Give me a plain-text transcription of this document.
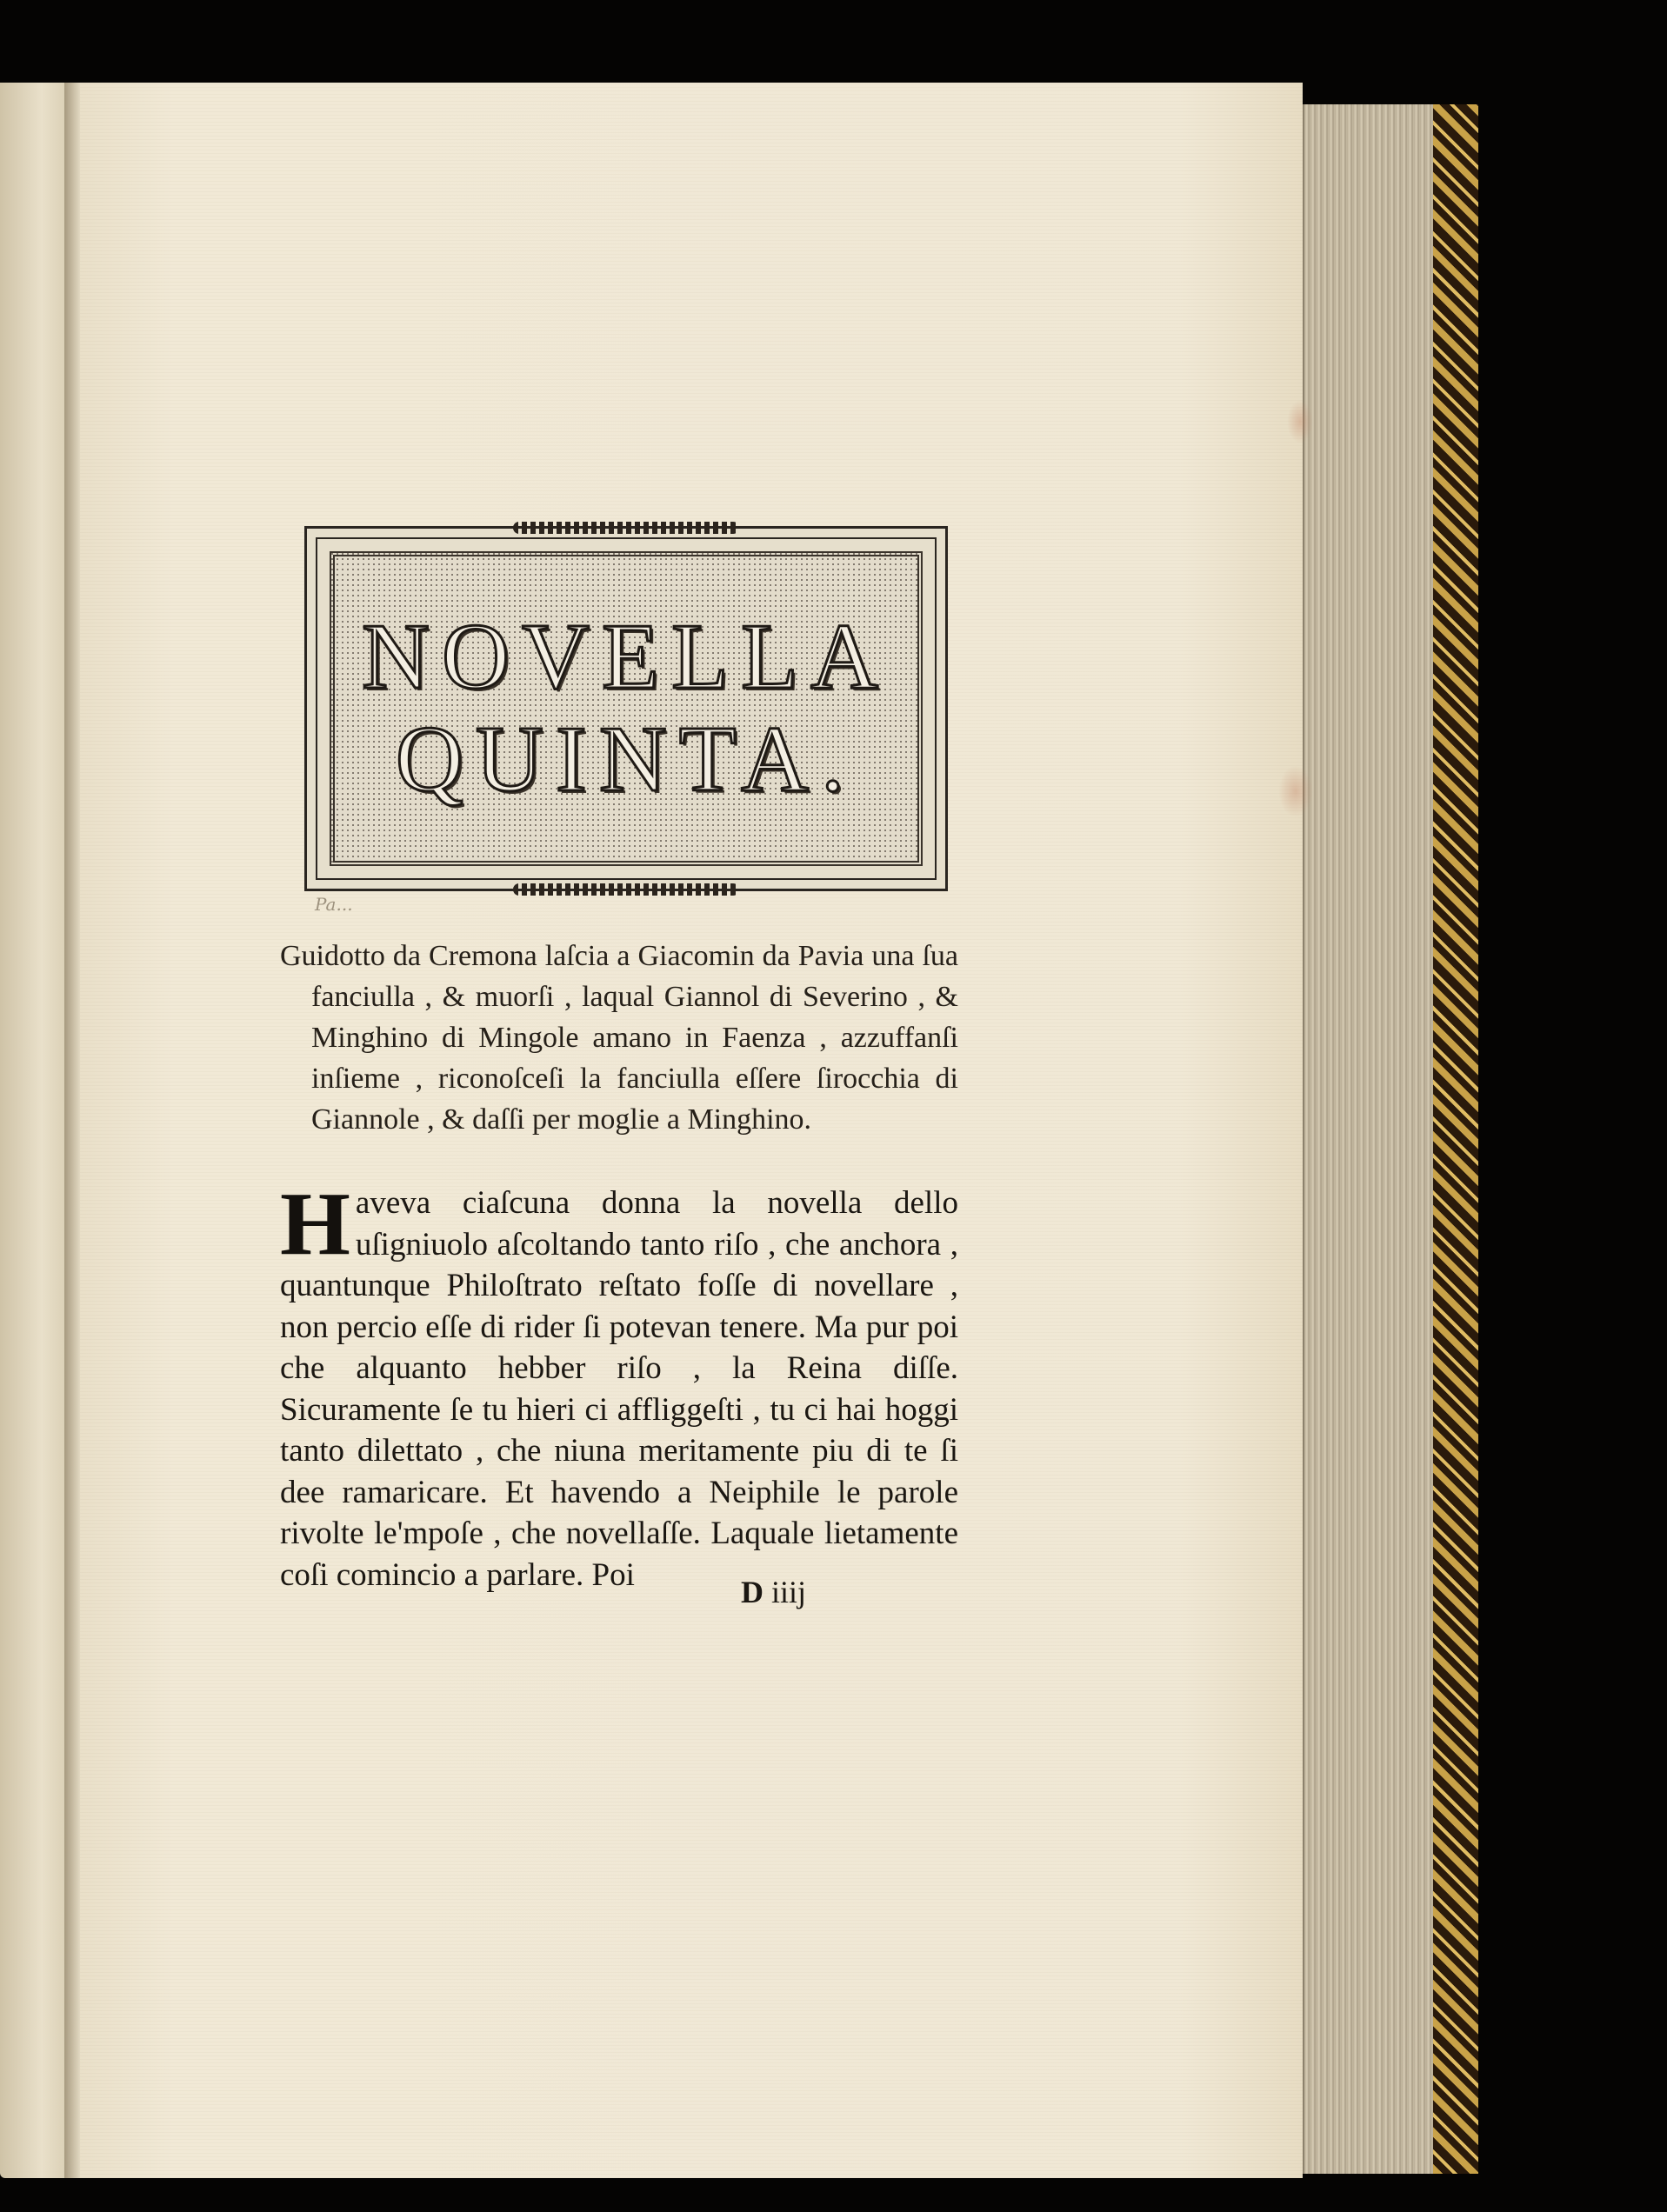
NOVELLA
QUINTA.
Pa...

Guidotto da Cremona laſcia a Giacomin da Pavia una ſua fanciulla , & muorſi , laqual Giannol di Severino , & Minghino di Mingole amano in Faenza , azzuffanſi inſieme , riconoſceſi la fanciulla eſſere ſirocchia di Giannole , & daſſi per moglie a Minghino.

H aveva ciaſcuna donna la novella dello uſigniuolo aſcoltando tanto riſo , che anchora , quantunque Philoſtrato reſtato foſſe di novellare , non percio eſſe di rider ſi potevan tenere. Ma pur poi che alquanto hebber riſo , la Reina diſſe. Sicuramente ſe tu hieri ci affliggeſti , tu ci hai hoggi tanto dilettato , che niuna meritamente piu di te ſi dee ramaricare. Et havendo a Neiphile le parole rivolte le'mpoſe , che novellaſſe. Laquale lietamente coſi comincio a parlare. Poi	D iiij
